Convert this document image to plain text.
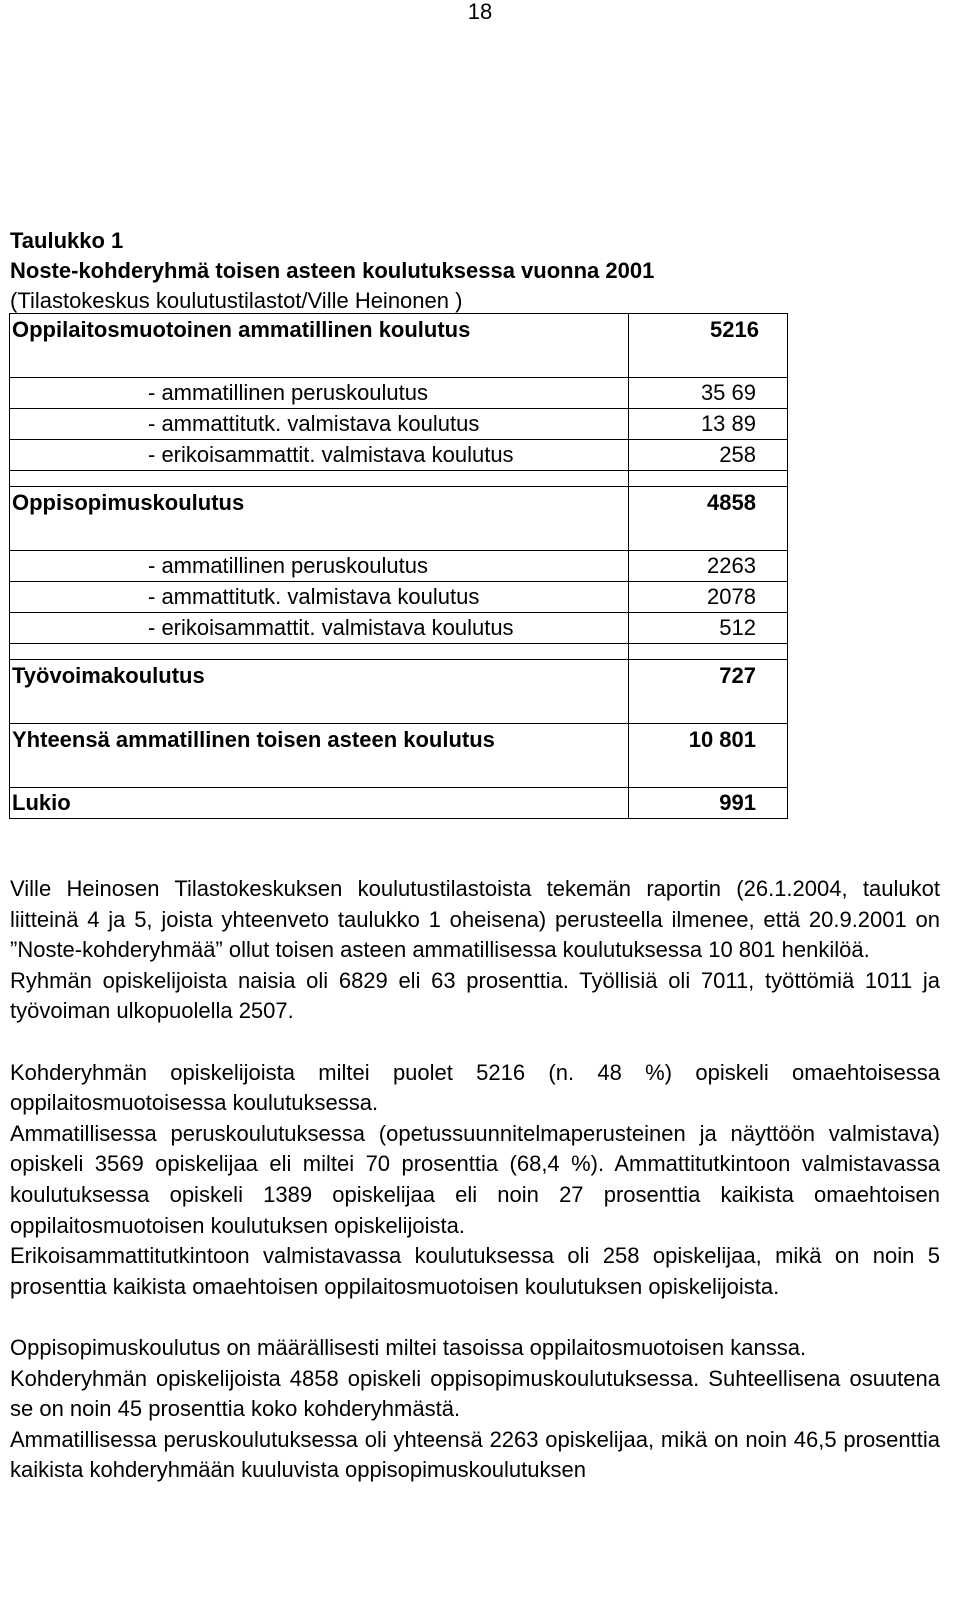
18
Taulukko 1
Noste-kohderyhmä toisen asteen koulutuksessa vuonna 2001
(Tilastokeskus koulutustilastot/Ville Heinonen )
Oppilaitosmuotoinen ammatillinen koulutus	5216
- ammatillinen peruskoulutus	35 69
- ammattitutk. valmistava koulutus	13 89
- erikoisammattit. valmistava koulutus	258

Oppisopimuskoulutus	4858
- ammatillinen peruskoulutus	2263
- ammattitutk. valmistava koulutus	2078
- erikoisammattit. valmistava koulutus	512

Työvoimakoulutus	727
Yhteensä ammatillinen toisen asteen koulutus	10 801
Lukio	991

Ville Heinosen Tilastokeskuksen koulutustilastoista tekemän raportin (26.1.2004, taulukot liitteinä 4 ja 5, joista yhteenveto taulukko 1 oheisena) perusteella ilmenee, että 20.9.2001 on ”Noste-kohderyhmää” ollut toisen asteen ammatillisessa koulutuksessa 10 801 henkilöä.

Ryhmän opiskelijoista naisia oli 6829 eli 63 prosenttia. Työllisiä oli 7011, työttömiä 1011 ja työvoiman ulkopuolella 2507.

Kohderyhmän opiskelijoista miltei puolet 5216 (n. 48 %) opiskeli omaehtoisessa oppilaitosmuotoisessa koulutuksessa.

Ammatillisessa peruskoulutuksessa (opetussuunnitelmaperusteinen ja näyttöön valmistava) opiskeli 3569 opiskelijaa eli miltei 70 prosenttia (68,4 %). Ammattitutkintoon valmistavassa koulutuksessa opiskeli 1389 opiskelijaa eli noin 27 prosenttia kaikista omaehtoisen oppilaitosmuotoisen koulutuksen opiskelijoista.

Erikoisammattitutkintoon valmistavassa koulutuksessa oli 258 opiskelijaa, mikä on noin 5 prosenttia kaikista omaehtoisen oppilaitosmuotoisen koulutuksen opiskelijoista.

Oppisopimuskoulutus on määrällisesti miltei tasoissa oppilaitosmuotoisen kanssa.

Kohderyhmän opiskelijoista 4858 opiskeli oppisopimuskoulutuksessa. Suhteellisena osuutena se on noin 45 prosenttia koko kohderyhmästä.

Ammatillisessa peruskoulutuksessa oli yhteensä 2263 opiskelijaa, mikä on noin 46,5 prosenttia kaikista kohderyhmään kuuluvista oppisopimuskoulutuksen
